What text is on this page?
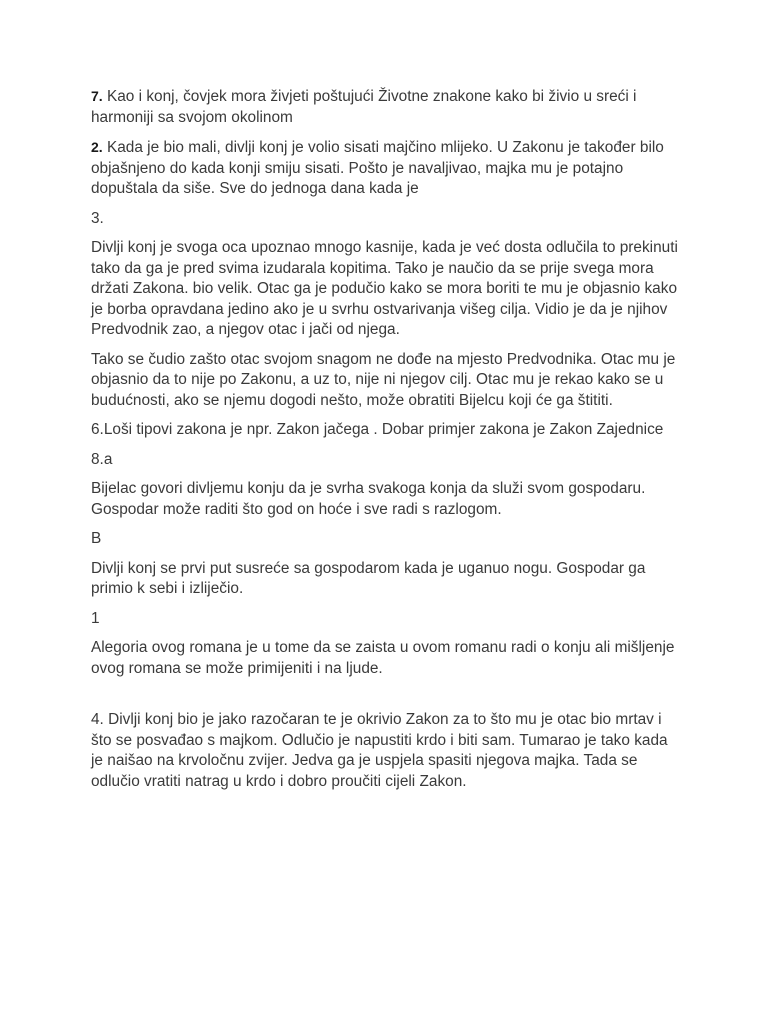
7. Kao i konj, čovjek mora živjeti poštujući Životne znakone kako bi živio u sreći i harmoniji sa svojom okolinom

2. Kada je bio mali, divlji konj je volio sisati majčino mlijeko. U Zakonu je također bilo objašnjeno do kada konji smiju sisati. Pošto je navaljivao, majka mu je potajno dopuštala da siše. Sve do jednoga dana kada je

3.

Divlji konj je svoga oca upoznao mnogo kasnije, kada je već dosta odlučila to prekinuti tako da ga je pred svima izudarala kopitima. Tako je naučio da se prije svega mora držati Zakona. bio velik. Otac ga je podučio kako se mora boriti te mu je objasnio kako je borba opravdana jedino ako je u svrhu ostvarivanja višeg cilja. Vidio je da je njihov Predvodnik zao, a njegov otac i jači od njega.

Tako se čudio zašto otac svojom snagom ne dođe na mjesto Predvodnika. Otac mu je objasnio da to nije po Zakonu, a uz to, nije ni njegov cilj. Otac mu je rekao kako se u budućnosti, ako se njemu dogodi nešto, može obratiti Bijelcu koji će ga štititi.

6.Loši tipovi zakona je npr. Zakon jačega . Dobar primjer zakona je Zakon Zajednice

8.a

Bijelac govori divljemu konju da je svrha svakoga konja da služi svom gospodaru. Gospodar može raditi što god on hoće i sve radi s razlogom.

B

Divlji konj se prvi put susreće sa gospodarom kada je uganuo nogu. Gospodar ga primio k sebi i izliječio.

1

Alegoria ovog romana je u tome da se zaista u ovom romanu radi o konju ali mišljenje ovog romana se može primijeniti i na ljude.

4. Divlji konj bio je jako razočaran te je okrivio Zakon za to što mu je otac bio mrtav i što se posvađao s majkom. Odlučio je napustiti krdo i biti sam. Tumarao je tako kada je naišao na krvoločnu zvijer. Jedva ga je uspjela spasiti njegova majka. Tada se odlučio vratiti natrag u krdo i dobro proučiti cijeli Zakon.
